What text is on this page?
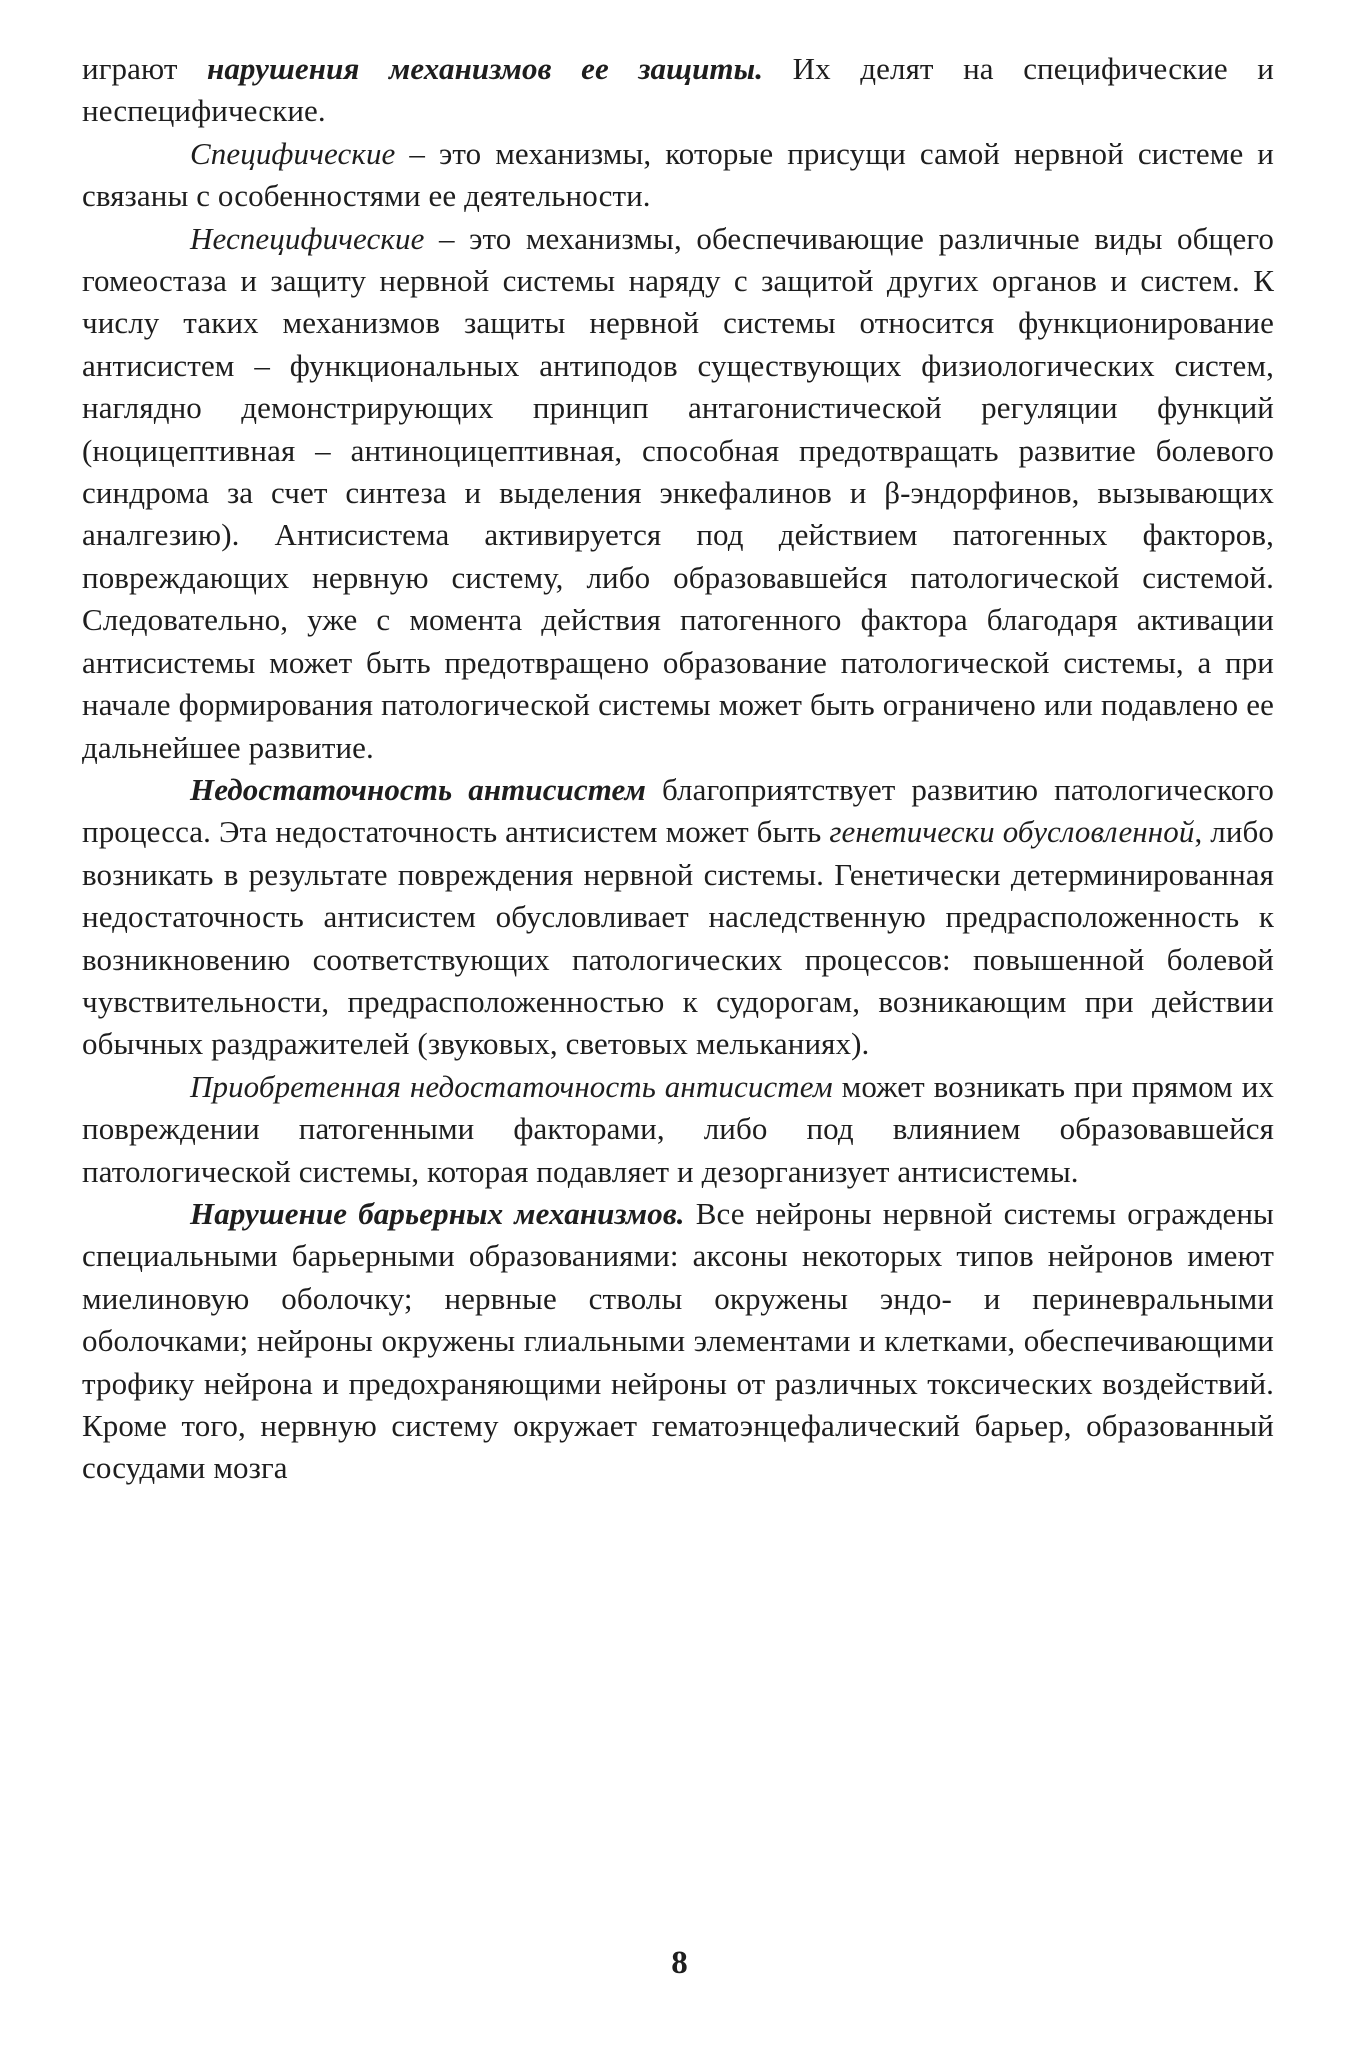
играют нарушения механизмов ее защиты. Их делят на специфические и неспецифические.

Специфические – это механизмы, которые присущи самой нервной системе и связаны с особенностями ее деятельности.

Неспецифические – это механизмы, обеспечивающие различные виды общего гомеостаза и защиту нервной системы наряду с защитой других органов и систем. К числу таких механизмов защиты нервной системы относится функционирование антисистем – функциональных антиподов существующих физиологических систем, наглядно демонстрирующих принцип антагонистической регуляции функций (ноцицептивная – антиноцицептивная, способная предотвращать развитие болевого синдрома за счет синтеза и выделения энкефалинов и β-эндорфинов, вызывающих аналгезию). Антисистема активируется под действием патогенных факторов, повреждающих нервную систему, либо образовавшейся патологической системой. Следовательно, уже с момента действия патогенного фактора благодаря активации антисистемы может быть предотвращено образование патологической системы, а при начале формирования патологической системы может быть ограничено или подавлено ее дальнейшее развитие.

Недостаточность антисистем благоприятствует развитию патологического процесса. Эта недостаточность антисистем может быть генетически обусловленной, либо возникать в результате повреждения нервной системы. Генетически детерминированная недостаточность антисистем обусловливает наследственную предрасположенность к возникновению соответствующих патологических процессов: повышенной болевой чувствительности, предрасположенностью к судорогам, возникающим при действии обычных раздражителей (звуковых, световых мельканиях).

Приобретенная недостаточность антисистем может возникать при прямом их повреждении патогенными факторами, либо под влиянием образовавшейся патологической системы, которая подавляет и дезорганизует антисистемы.

Нарушение барьерных механизмов. Все нейроны нервной системы ограждены специальными барьерными образованиями: аксоны некоторых типов нейронов имеют миелиновую оболочку; нервные стволы окружены эндо- и периневральными оболочками; нейроны окружены глиальными элементами и клетками, обеспечивающими трофику нейрона и предохраняющими нейроны от различных токсических воздействий. Кроме того, нервную систему окружает гематоэнцефалический барьер, образованный сосудами мозга

8
